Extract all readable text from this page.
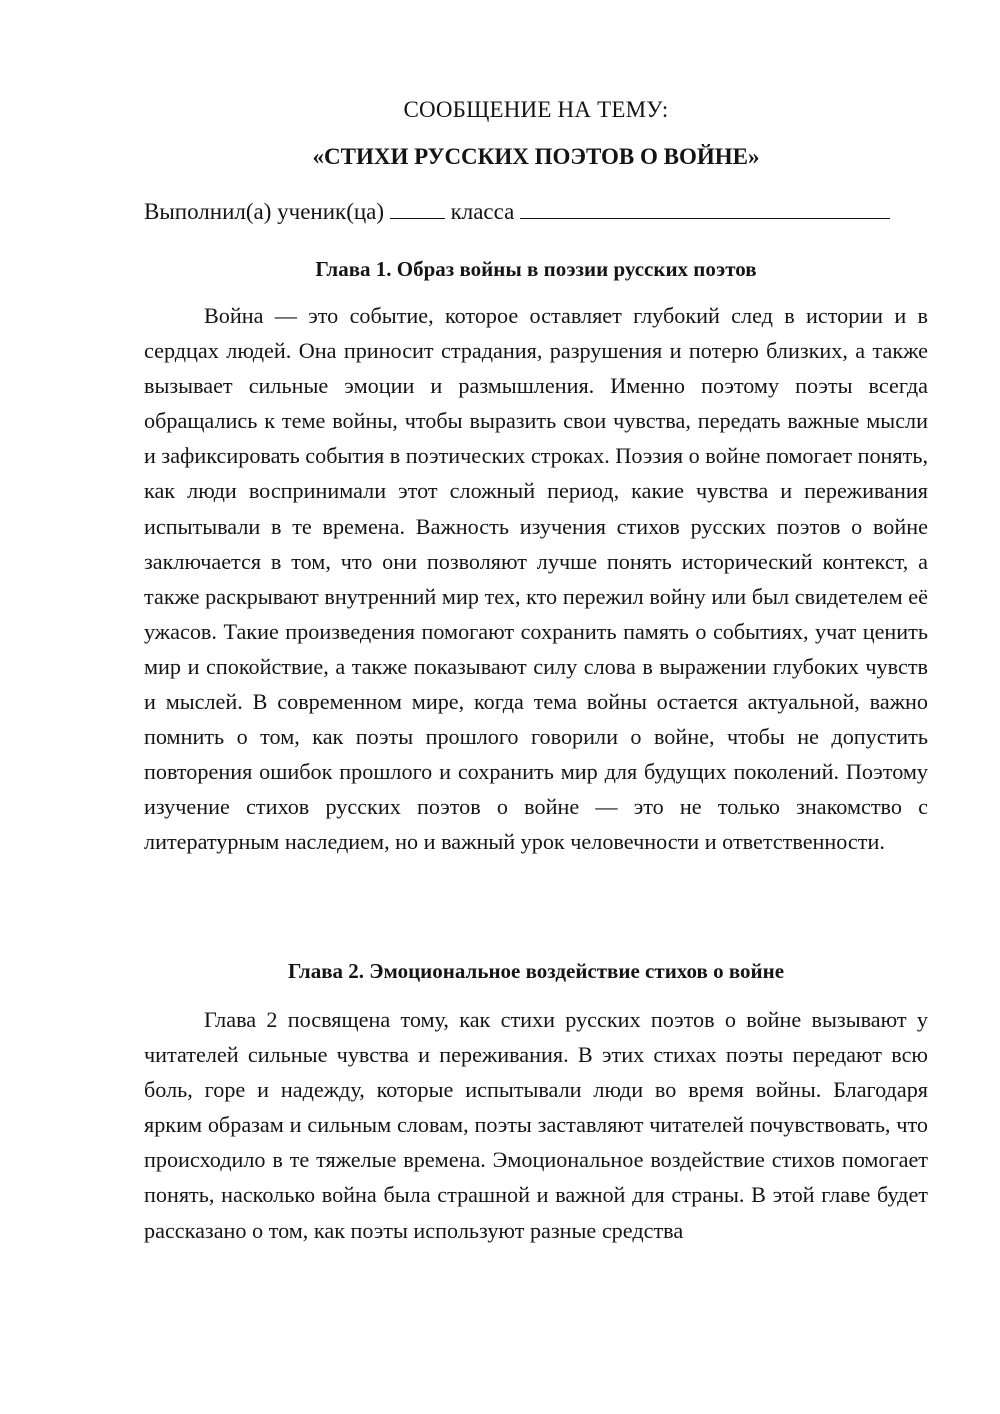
СООБЩЕНИЕ НА ТЕМУ:
«СТИХИ РУССКИХ ПОЭТОВ О ВОЙНЕ»
Выполнил(а) ученик(ца)	класса
Глава 1. Образ войны в поэзии русских поэтов
Война — это событие, которое оставляет глубокий след в истории и в сердцах людей. Она приносит страдания, разрушения и потерю близких, а также вызывает сильные эмоции и размышления. Именно поэтому поэты всегда обращались к теме войны, чтобы выразить свои чувства, передать важные мысли и зафиксировать события в поэтических строках. Поэзия о войне помогает понять, как люди воспринимали этот сложный период, какие чувства и переживания испытывали в те времена. Важность изучения стихов русских поэтов о войне заключается в том, что они позволяют лучше понять исторический контекст, а также раскрывают внутренний мир тех, кто пережил войну или был свидетелем её ужасов. Такие произведения помогают сохранить память о событиях, учат ценить мир и спокойствие, а также показывают силу слова в выражении глубоких чувств и мыслей. В современном мире, когда тема войны остается актуальной, важно помнить о том, как поэты прошлого говорили о войне, чтобы не допустить повторения ошибок прошлого и сохранить мир для будущих поколений. Поэтому изучение стихов русских поэтов о войне — это не только знакомство с литературным наследием, но и важный урок человечности и ответственности.
Глава 2. Эмоциональное воздействие стихов о войне
Глава 2 посвящена тому, как стихи русских поэтов о войне вызывают у читателей сильные чувства и переживания. В этих стихах поэты передают всю боль, горе и надежду, которые испытывали люди во время войны. Благодаря ярким образам и сильным словам, поэты заставляют читателей почувствовать, что происходило в те тяжелые времена. Эмоциональное воздействие стихов помогает понять, насколько война была страшной и важной для страны. В этой главе будет рассказано о том, как поэты используют разные средства
